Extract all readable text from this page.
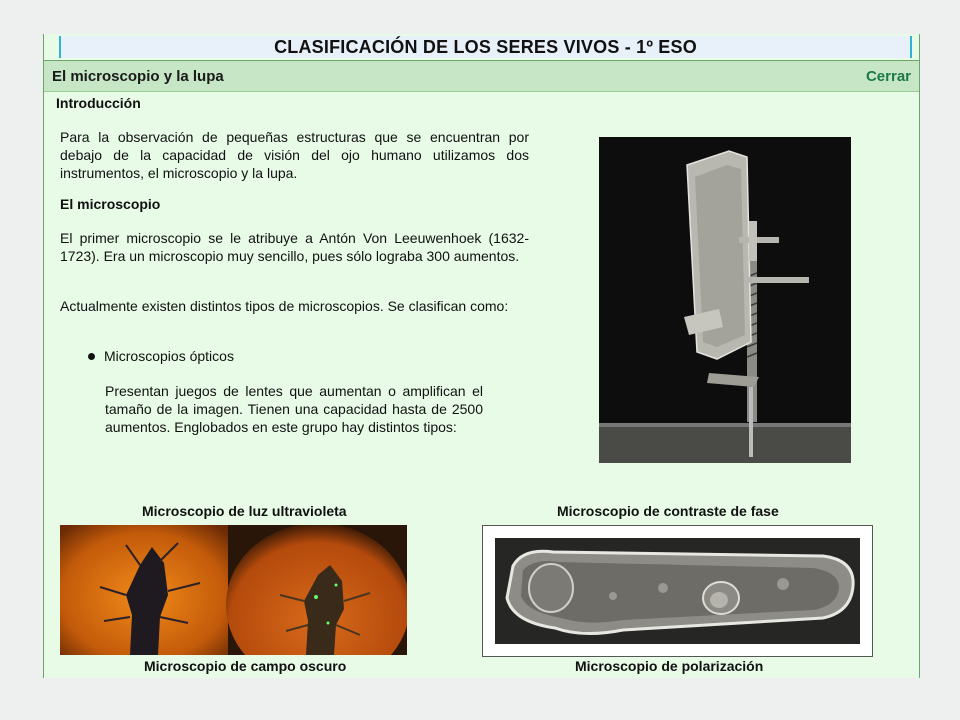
CLASIFICACIÓN DE LOS SERES VIVOS - 1º ESO
El microscopio y la lupa	Cerrar
Introducción

Para la observación de pequeñas estructuras que se encuentran por debajo de la capacidad de visión del ojo humano utilizamos dos instrumentos, el microscopio y la lupa.

El microscopio

El primer microscopio se le atribuye a Antón Von Leeuwenhoek (1632-1723). Era un microscopio muy sencillo, pues sólo lograba 300 aumentos.

Actualmente existen distintos tipos de microscopios. Se clasifican como:

Microscopios ópticos

Presentan juegos de lentes que aumentan o amplifican el tamaño de la imagen. Tienen una capacidad hasta de 2500 aumentos. Englobados en este grupo hay distintos tipos:

Microscopio de luz ultravioleta	Microscopio de contraste de fase
Microscopio de campo oscuro	Microscopio de polarización
